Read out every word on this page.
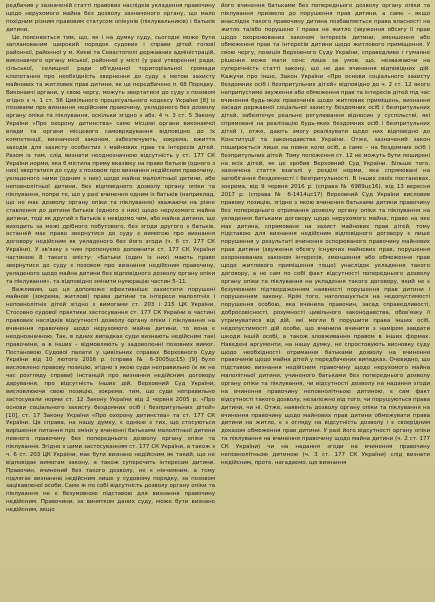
редбачив у зазначеній статті правових наслідків укладення правочину щодо нерухомого майна без дозволу зазначеного органу, що мало похідним різним правовим статусом опікунів (піклувальників) і батьків дитини.

Це пояснюється тим, що, як і на думку суду, сьогодні може бути запланованим широкий порядок судових і справи дітей голові районної, районної у м. Києві та Севастополі державних адміністрацій, виконавчого органу міської, районної у місті (у разі утворення) ради, сільської, селищної ради об'єднаної територіальної громади клопотання про необхідність звернення до суду з метою захисту майнових та житлових прав дитини, як це передбачено п. 68 Порядку. Виконавчі органи, у свою чергу, можуть звертатися до суду з позовом згідно з ч. 1 ст. 56 Цивільного процесуального кодексу України [8] із позовами про визнання недійсним правочину, укладеного без дозволу органу опіки та піклування, оскільки згідно з абз. 4 ч. 3 ст. 5 Закону України «Про охорону дитинства» саме місцеві органи виконавчої влади та органи місцевого самоврядування відповідно до їх компетенції, визначеної законом, забезпечують, зокрема, вжиття заходів для захисту особистих і майнових прав та інтересів дітей. Разом із тим, слід визнати неоднозначною відсутність у ст. 177 СК України норми, яка б містила пряму вказівку на право батьків (одного з них) звертатися до суду з позовом про визнання недійсним правочину, укладеного ними (одним з них) щодо майна малолітньої дитини, або неповнолітньої дитини, без відповідного дозволу органу опіки та піклування, попри те, що у разі вчинення одним із батьків (наприклад, що не має дозволу органу опіки та піклування) зважаючи на різне ставлення до дитини батьків (одного з них) щодо нерухомого майна дитини, тоді як другий з батьків є невідомо чим, або майна дитини, що виходить за межі дрібного побутового, без згоди другого з батьків, останній має право звернутися до суду з вимогою про визнання договору недійсним як укладеного без його згоди (ч. 6 ст. 177 СК України). У зв'язку з чим пропонуємо доповнити ст. 177 СК України частиною 8 такого змісту: «Батьки (один із них) мають право звернутися до суду з позовом про визнання недійсним правочину, укладеного щодо майна дитини без відповідного дозволу органу опіки та піклування», та відповідно змінити нумерацію частин 5–11.

Важливим, що ця допоможе ефективніше захистити порушені майнові (зокрема, житлові) права дитини та інтереси малолітніх і неповнолітніх дітей згідно з вимогами ст. 203 і 215 ЦК України. Стосовно судової практики застосування ст. 177 СК України в частині правових наслідків відсутності дозволу органу опіки і піклування на вчинення правочину щодо нерухомого майна дитини, то вона є неоднозначною. Так, в одних випадках суди визнають недійсним такі правочини, а в інших – відмовляють у задоволенні позовних вимог. Постановою Судової палати у цивільних справах Верховного Суду України від 10 лютого 2016 р. (справа № 6-3005цс15) [9] було висловлено правову позицію, згідно з якою суди неправильно (в як на час розгляду справи) інстанцій про визнання недійсним договору дарування, про відсутність інших дій. Верховний Суд України, висловлюючи свою позицію, зокрема, тим, що суди неправильно застосували норми ст. 12 Закону України від 2 червня 2005 р. «Про основи соціального захисту бездомних осіб і безпритульних дітей» [10], ст. 17 Закону України «Про охорону дитинства» та ст. 177 СК України. Ця справа, на нашу думку, є однією з тих, що стосуються вирішення питання про зміни у вчиненні батьками малолітньої дитини певного правочину без попереднього дозволу органу опіки та піклування. Згідно з цими застосуванням ст. 177 СК України, а також з ч. 6 ст. 203 ЦК України, має бути визнано недійсним як такий, що не відповідає вимогам закону, а також суперечить інтересам дитини. Правочин, вчинений без такого дозволу, не є нікчемним, а тому підлягає визнанню недійсним лише у судовому порядку, за позовом зацікавленої особи. Саме ж по собі відсутність дозволу органу опіки та піклування не є безумовною підставою для визнання правочину недійсним. Правочини, за винятком даних суду, може бути визнано недійсним, якщо

його вчинення батьками без попереднього дозволу органу опіки та піклування призвело до порушення прав дитини, а саме – якщо внаслідок такого правочину дитина позбавляється права власності на житло та/або порушено ї права на житло (звуження обсягу її прав щодо охоронюваних законом інтересів дитини, зменшення або обмеження прав та інтересів дитини щодо житлового приміщення. У свою чергу, позиція Верховного Суду України, справедливе і гуманне рішення може мати сенс лише за умов, що, незважаючи на суперечність статті закону, що не дає вчинення відповідних дій. Кажучи про інше, Закон України «Про основи соціального захисту бездомних осіб і безпритульних дітей» відповідно до ч. 2 ст. 12 якого неприпустиме звуження або обмеження прав та інтересів дітей під час вчинення будь-яких правочинів щодо житлових приміщень, визнання засади державної соціальної захисту бездомних осіб і безпритульних дітей, забезпечує реальне регулювання відносин у суспільстві, які спрямовані на реалізацію будь-яких бездомних осіб і безпритульних дітей і, отже, дають змогу реалізувати щодо них відповідно до Конституції та законодавства України. Отже, зазначений закон поширюється лише на певне коло осіб, а саме – на бездомних осіб і безпритульних дітей. Тому положення ст. 12 не можуть бути поширені на всіх дітей, як це зробив Верховний Суд України. Більше того, зазначена стаття взагалі у розділі норми, яка спрямовані на запобігання бездомності і безпритульності. В інших своїх постановах, зокрема, від 9 червня 2016 р. (справа № 6989цс16), від 13 вересня 2017 р. (справа № 6-1414цс17) Верховний Суд України висловив правову позицію, згідно з якою вчинення батьками дитини правочину без попереднього отримання дозволу органу опіки та піклування на укладення батьками договору щодо нерухомого майна, право на яке має дитина, спрямоване на захист майнових прав дітей, тому підставою для визнання недійсним відповідного договору є лише порушення у результаті вчинення оспорюваного правочину майнових прав дитини (звуження обсягу існуючих майнових прав, порушення охоронюваних законом інтересів, зменшення або обмеження прав щодо житлового приміщення тощо) унаслідок укладення такого договору, а не сам по собі факт відсутності попереднього дозволу органу опіки та піклування на укладення такого договору, який не є безумовним підтвердженням наявності порушення прав дитини і порушенням закону. Крім того, наголошується на недопустимості порушення особою, яка вчинила правочин, засад справедливості, добросовісності, розумності цивільного законодавства, обов'язку її утримуватися від дій, які могли б порушити права інших осіб, недопустимості дій особи, що вчинила вчинити з наміром завдати шкоди іншій особі, а також зловживання правом в інших формах. Наведені аргументи, на нашу думку, не спростовують висновку суду щодо необхідності отримання батьками дозволу на вчинення правочинів щодо майна дітей у передбачених випадках. Очевидно, що підставою визнання недійсним правочину щодо нерухомого майна малолітньої дитини, учиненого батьками без попереднього дозволу органу опіки та піклування, чи відсутності дозволу на надання згоди на вчинення правочину неповнолітньою дитиною, є сам факт відсутності такого дозволу, незалежно від того, чи порушуються права дитини, чи ні. Отже, наявність дозволу органу опіки та піклування на вчинення правочину щодо майнових прав дитини обмежувати права дитини на житло, є з огляду на відсутність дозволу і є своєрідним доказом обмеження прав дитини. У разі його відсутності органу опіки та піклування на вчинення правочину щодо майна дитини (ч. 2 ст. 177 СК України) чи на надання згоди на вчинення правочину неповнолітньою дитиною (ч. 3 ст. 177 СК України) слід визнати недійсним, проте, нагадаємо, що визнання
